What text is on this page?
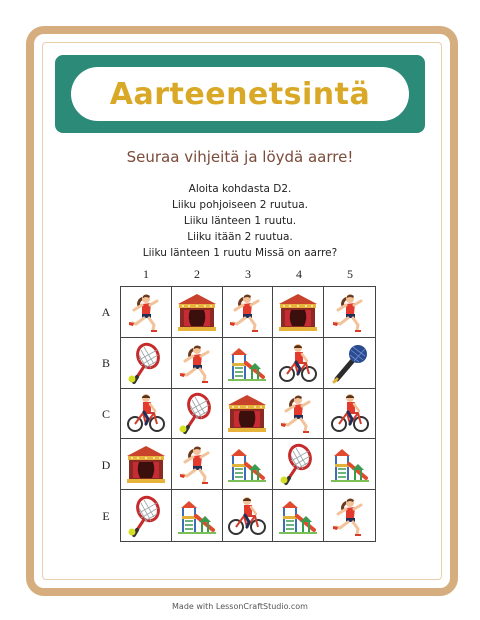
Aarteenetsintä
Seuraa vihjeitä ja löydä aarre!
Aloita kohdasta D2.
Liiku pohjoiseen 2 ruutua.
Liiku länteen 1 ruutu.
Liiku itään 2 ruutua.
Liiku länteen 1 ruutu Missä on aarre?
1	2	3	4	5
A
B
C
D
E
Made with LessonCraftStudio.com
